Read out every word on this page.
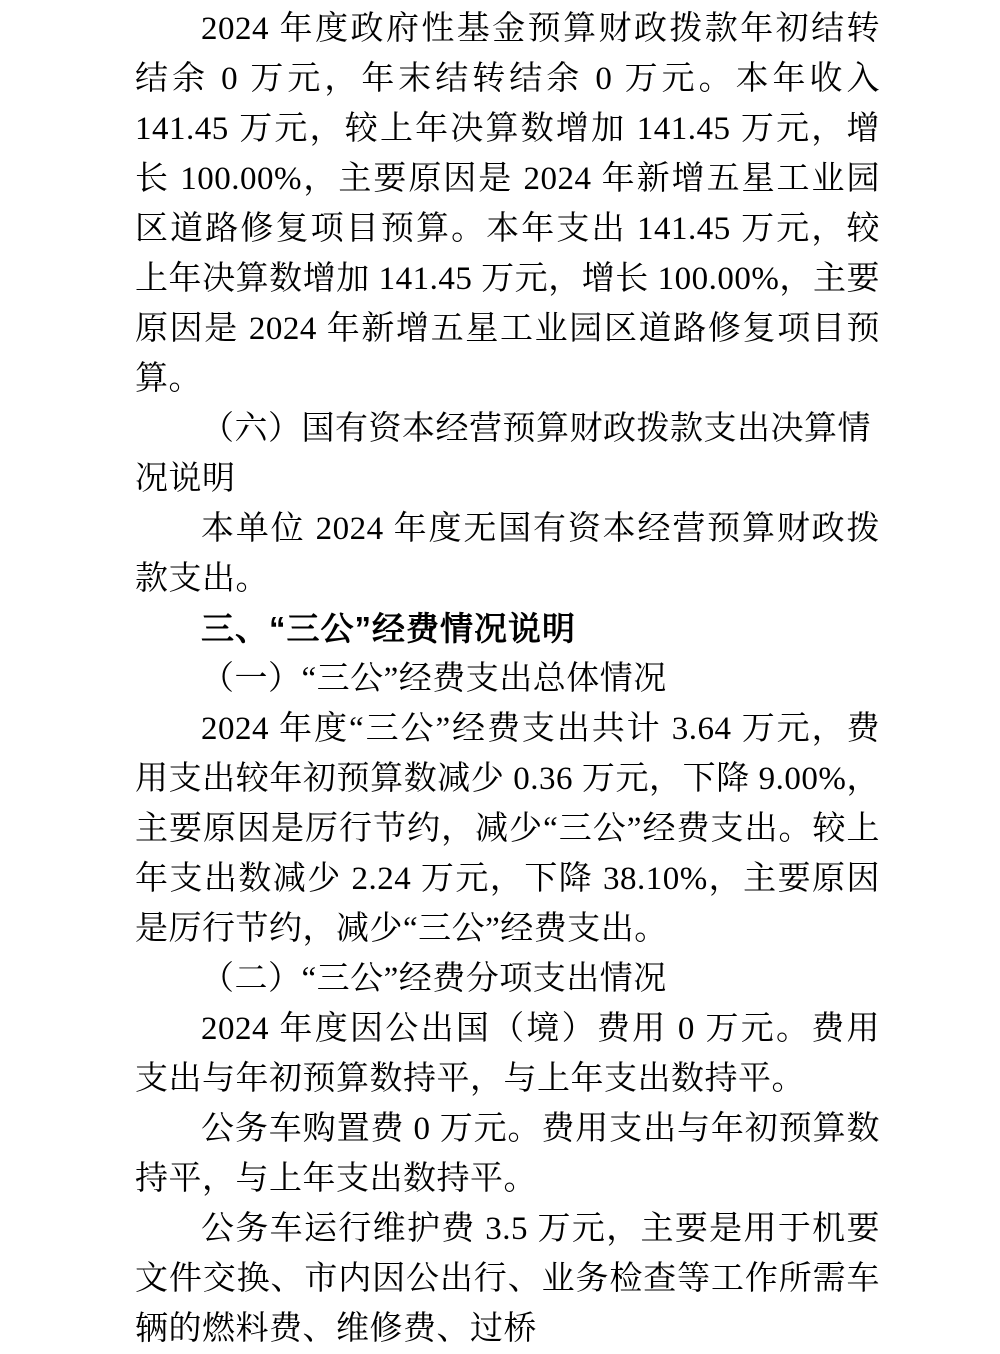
2024 年度政府性基金预算财政拨款年初结转结余 0 万元，年末结转结余 0 万元。本年收入 141.45 万元，较上年决算数增加 141.45 万元，增长 100.00%，主要原因是 2024 年新增五星工业园区道路修复项目预算。本年支出 141.45 万元，较上年决算数增加 141.45 万元，增长 100.00%，主要原因是 2024 年新增五星工业园区道路修复项目预算。

（六）国有资本经营预算财政拨款支出决算情况说明

本单位 2024 年度无国有资本经营预算财政拨款支出。

三、“三公”经费情况说明

（一）“三公”经费支出总体情况

2024 年度“三公”经费支出共计 3.64 万元，费用支出较年初预算数减少 0.36 万元，下降 9.00%，主要原因是厉行节约，减少“三公”经费支出。较上年支出数减少 2.24 万元，下降 38.10%，主要原因是厉行节约，减少“三公”经费支出。

（二）“三公”经费分项支出情况

2024 年度因公出国（境）费用 0 万元。费用支出与年初预算数持平，与上年支出数持平。

公务车购置费 0 万元。费用支出与年初预算数持平，与上年支出数持平。

公务车运行维护费 3.5 万元，主要是用于机要文件交换、市内因公出行、业务检查等工作所需车辆的燃料费、维修费、过桥
